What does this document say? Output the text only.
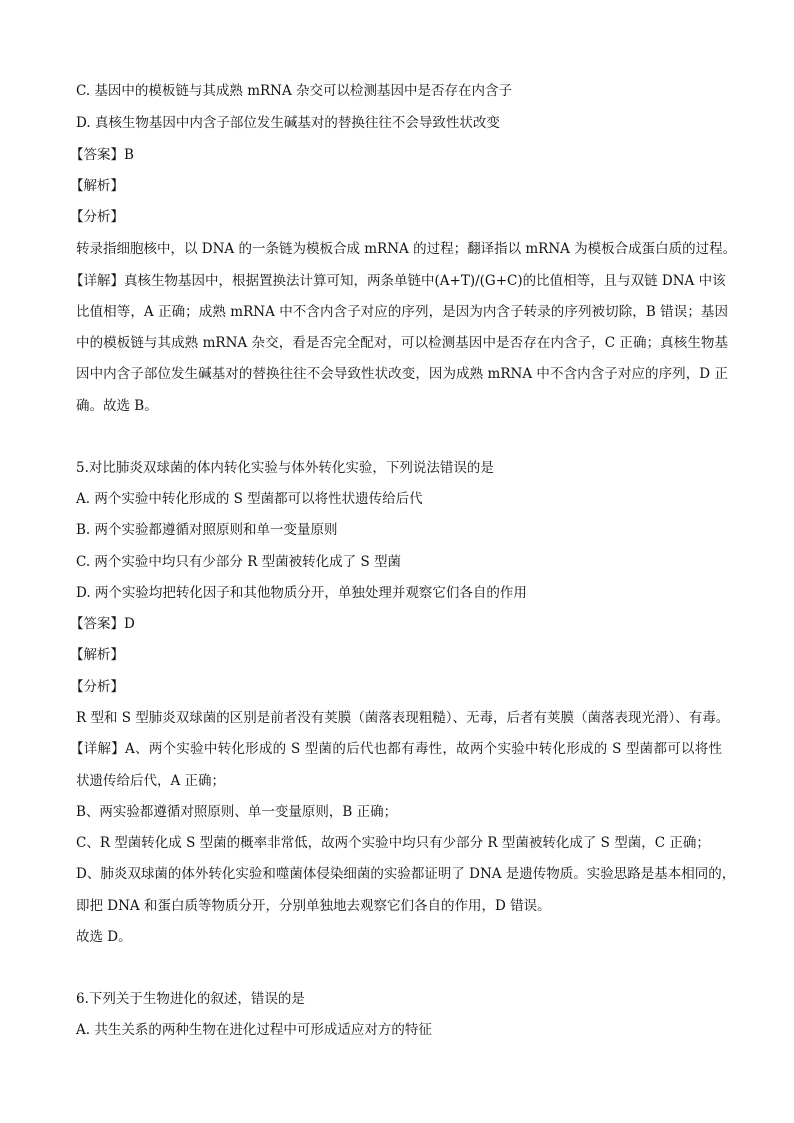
C. 基因中的模板链与其成熟 mRNA 杂交可以检测基因中是否存在内含子
D. 真核生物基因中内含子部位发生碱基对的替换往往不会导致性状改变
【答案】B
【解析】
【分析】
转录指细胞核中，以 DNA 的一条链为模板合成 mRNA 的过程；翻译指以 mRNA 为模板合成蛋白质的过程。
【详解】真核生物基因中，根据置换法计算可知，两条单链中(A+T)/(G+C)的比值相等，且与双链 DNA 中该
比值相等，A 正确；成熟 mRNA 中不含内含子对应的序列，是因为内含子转录的序列被切除，B 错误；基因
中的模板链与其成熟 mRNA 杂交，看是否完全配对，可以检测基因中是否存在内含子，C 正确；真核生物基
因中内含子部位发生碱基对的替换往往不会导致性状改变，因为成熟 mRNA 中不含内含子对应的序列，D 正
确。故选 B。
5.对比肺炎双球菌的体内转化实验与体外转化实验，下列说法错误的是
A. 两个实验中转化形成的 S 型菌都可以将性状遗传给后代
B. 两个实验都遵循对照原则和单一变量原则
C. 两个实验中均只有少部分 R 型菌被转化成了 S 型菌
D. 两个实验均把转化因子和其他物质分开，单独处理并观察它们各自的作用
【答案】D
【解析】
【分析】
R 型和 S 型肺炎双球菌的区别是前者没有荚膜（菌落表现粗糙）、无毒，后者有荚膜（菌落表现光滑）、有毒。
【详解】A、两个实验中转化形成的 S 型菌的后代也都有毒性，故两个实验中转化形成的 S 型菌都可以将性
状遗传给后代，A 正确；
B、两实验都遵循对照原则、单一变量原则，B 正确；
C、R 型菌转化成 S 型菌的概率非常低，故两个实验中均只有少部分 R 型菌被转化成了 S 型菌，C 正确；
D、肺炎双球菌的体外转化实验和噬菌体侵染细菌的实验都证明了 DNA 是遗传物质。实验思路是基本相同的，
即把 DNA 和蛋白质等物质分开，分别单独地去观察它们各自的作用，D 错误。
故选 D。
6.下列关于生物进化的叙述，错误的是
A. 共生关系的两种生物在进化过程中可形成适应对方的特征
